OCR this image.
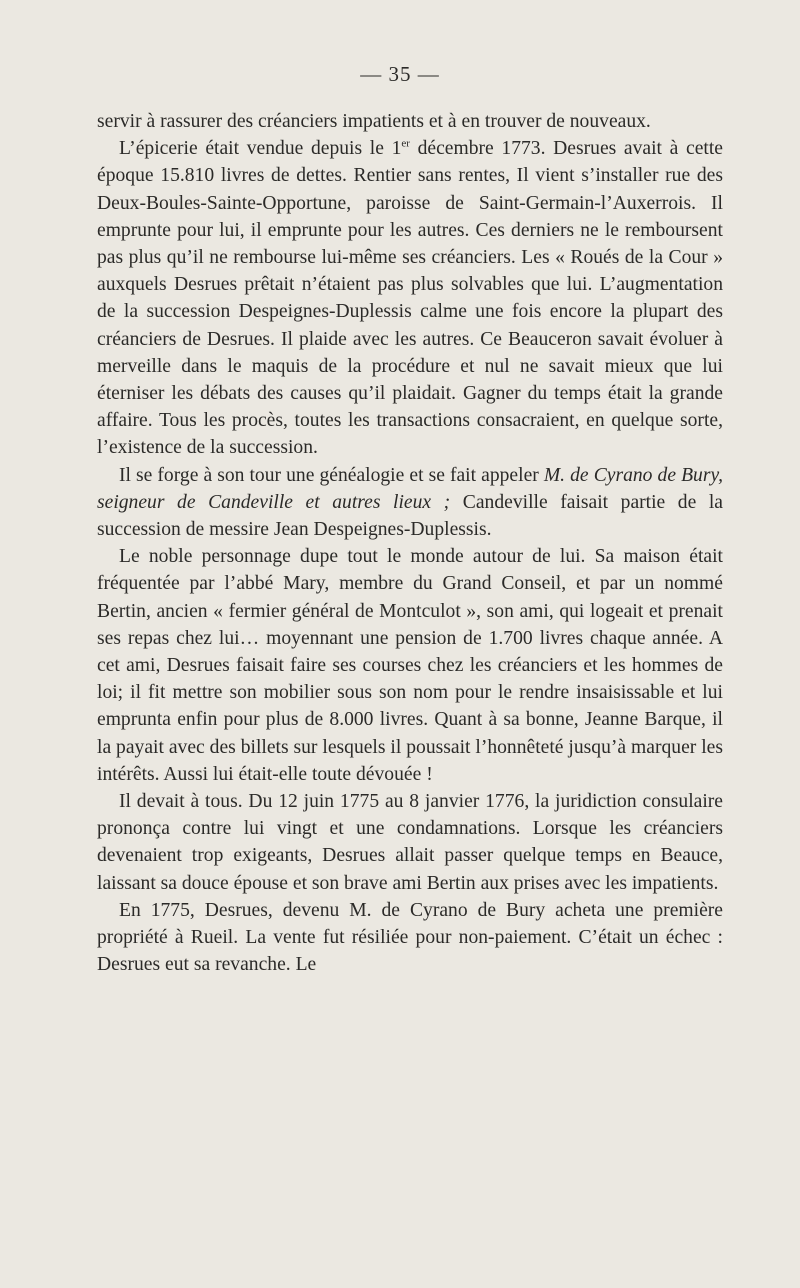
— 35 —

servir à rassurer des créanciers impatients et à en trouver de nouveaux.

L’épicerie était vendue depuis le 1er décembre 1773. Desrues avait à cette époque 15.810 livres de dettes. Rentier sans rentes, Il vient s’installer rue des Deux-Boules-Sainte-Opportune, paroisse de Saint-Germain-l’Auxerrois. Il emprunte pour lui, il emprunte pour les autres. Ces derniers ne le remboursent pas plus qu’il ne rembourse lui-même ses créanciers. Les « Roués de la Cour » auxquels Desrues prêtait n’étaient pas plus solvables que lui. L’augmentation de la succession Despeignes-Duplessis calme une fois encore la plupart des créanciers de Desrues. Il plaide avec les autres. Ce Beauceron savait évoluer à merveille dans le maquis de la procédure et nul ne savait mieux que lui éterniser les débats des causes qu’il plaidait. Gagner du temps était la grande affaire. Tous les procès, toutes les transactions consacraient, en quelque sorte, l’existence de la succession.

Il se forge à son tour une généalogie et se fait appeler M. de Cyrano de Bury, seigneur de Candeville et autres lieux ; Candeville faisait partie de la succession de messire Jean Despeignes-Duplessis.

Le noble personnage dupe tout le monde autour de lui. Sa maison était fréquentée par l’abbé Mary, membre du Grand Conseil, et par un nommé Bertin, ancien « fermier général de Montculot », son ami, qui logeait et prenait ses repas chez lui… moyennant une pension de 1.700 livres chaque année. A cet ami, Desrues faisait faire ses courses chez les créanciers et les hommes de loi; il fit mettre son mobilier sous son nom pour le rendre insaisissable et lui emprunta enfin pour plus de 8.000 livres. Quant à sa bonne, Jeanne Barque, il la payait avec des billets sur lesquels il poussait l’honnêteté jusqu’à marquer les intérêts. Aussi lui était-elle toute dévouée !

Il devait à tous. Du 12 juin 1775 au 8 janvier 1776, la juridiction consulaire prononça contre lui vingt et une condamnations. Lorsque les créanciers devenaient trop exigeants, Desrues allait passer quelque temps en Beauce, laissant sa douce épouse et son brave ami Bertin aux prises avec les impatients.

En 1775, Desrues, devenu M. de Cyrano de Bury acheta une première propriété à Rueil. La vente fut résiliée pour non-paiement. C’était un échec : Desrues eut sa revanche. Le
